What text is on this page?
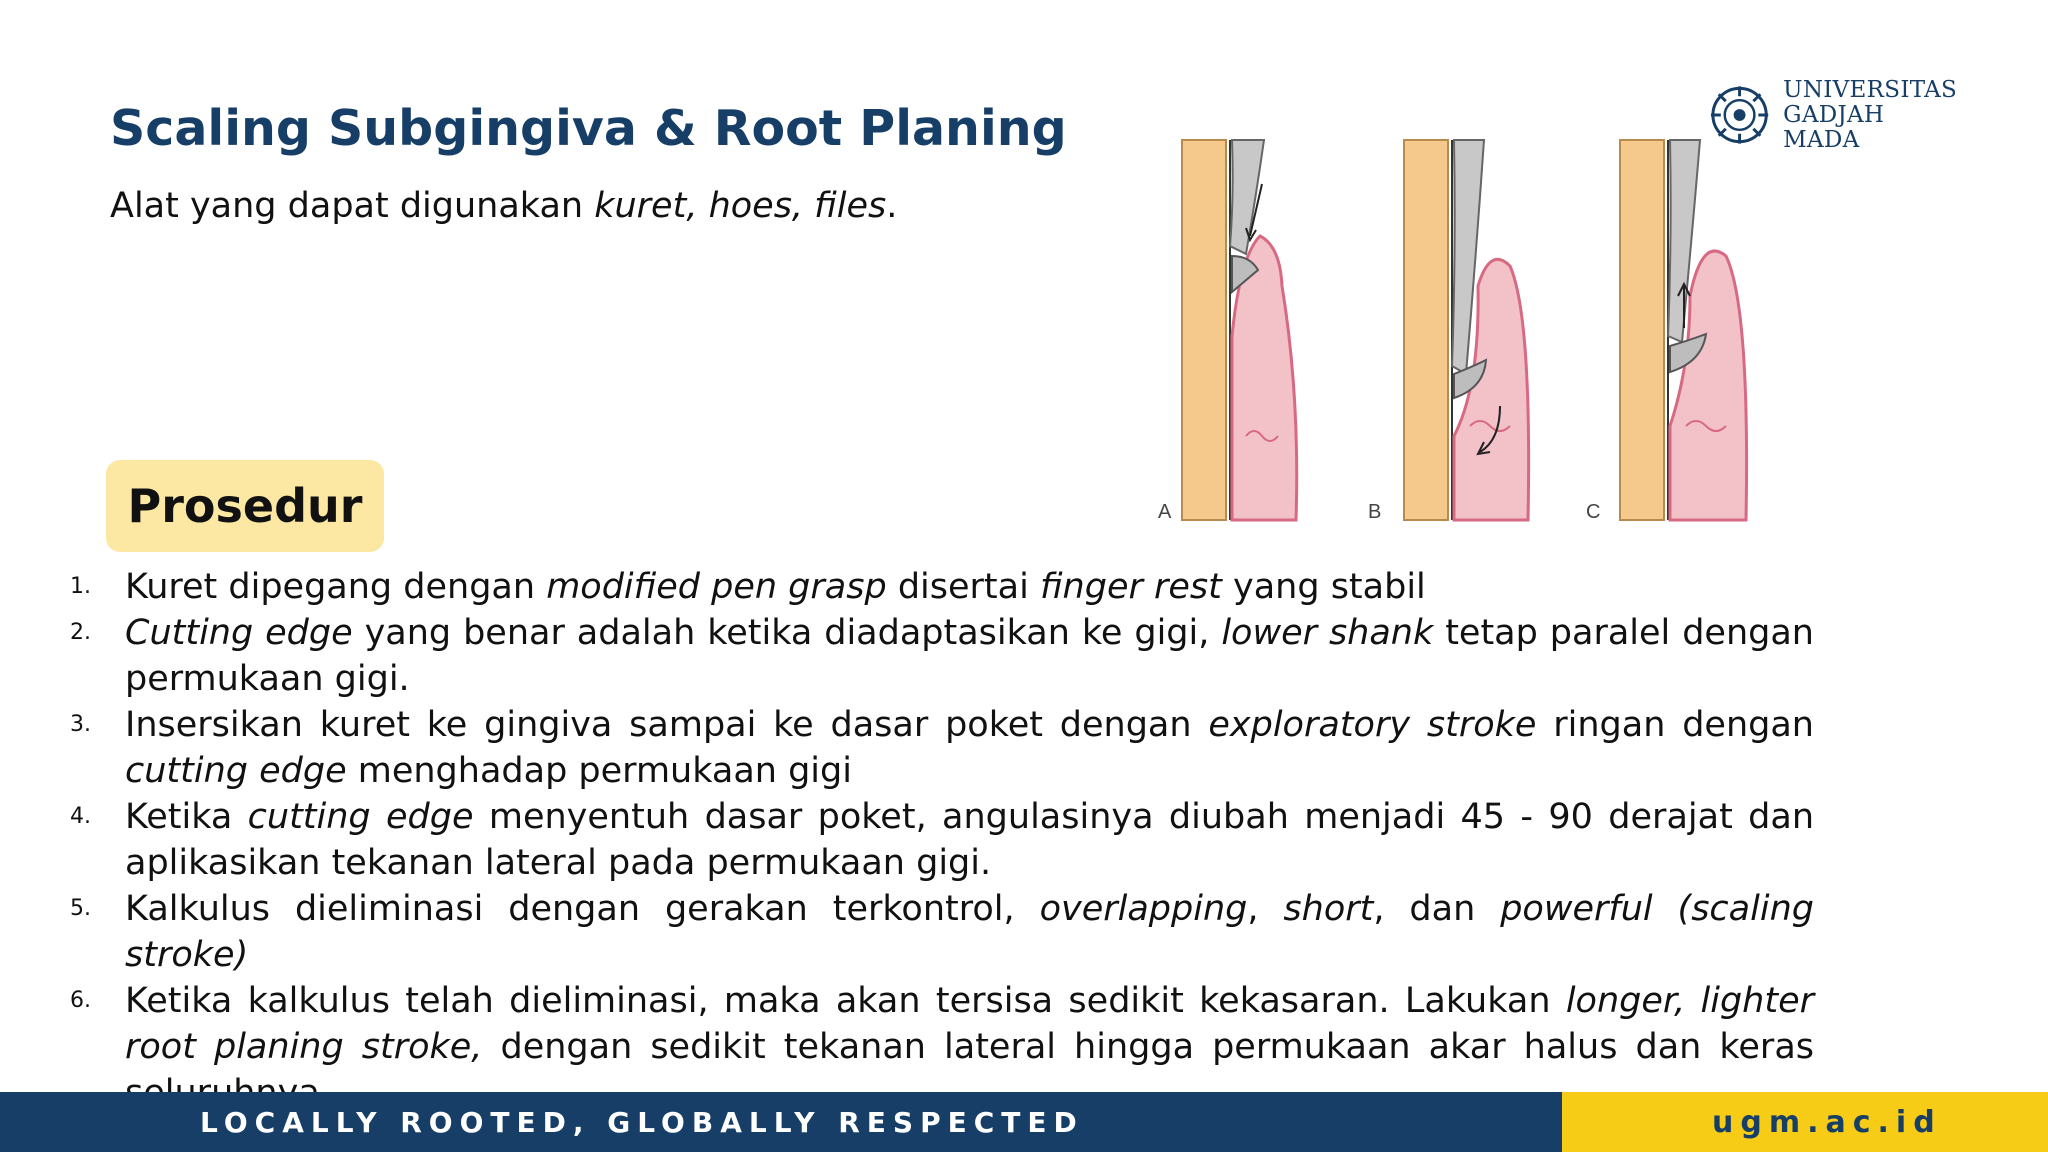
Scaling Subgingiva & Root Planing
Alat yang dapat digunakan kuret, hoes, files.
UNIVERSITAS
GADJAH MADA
A	B	C
Prosedur
1. Kuret dipegang dengan modified pen grasp disertai finger rest yang stabil
2. Cutting edge yang benar adalah ketika diadaptasikan ke gigi, lower shank tetap paralel dengan permukaan gigi.
3. Insersikan kuret ke gingiva sampai ke dasar poket dengan exploratory stroke ringan dengan cutting edge menghadap permukaan gigi
4. Ketika cutting edge menyentuh dasar poket, angulasinya diubah menjadi 45 - 90 derajat dan aplikasikan tekanan lateral pada permukaan gigi.
5. Kalkulus dieliminasi dengan gerakan terkontrol, overlapping, short, dan powerful (scaling stroke)
6. Ketika kalkulus telah dieliminasi, maka akan tersisa sedikit kekasaran. Lakukan longer, lighter root planing stroke, dengan sedikit tekanan lateral hingga permukaan akar halus dan keras
LOCALLY ROOTED, GLOBALLY RESPECTED	ugm.ac.id
